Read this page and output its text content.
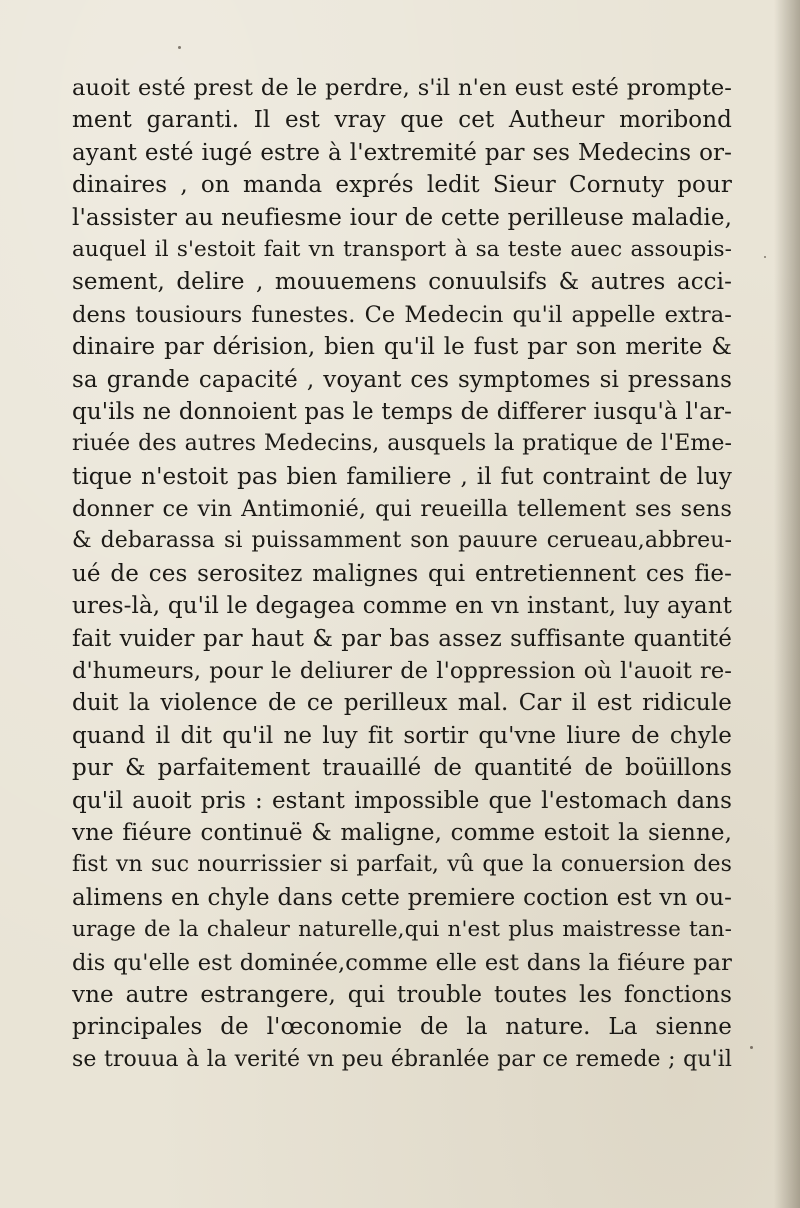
auoit esté prest de le perdre, s'il n'en eust esté prompte-
ment garanti. Il est vray que cet Autheur moribond
ayant esté iugé estre à l'extremité par ses Medecins or-
dinaires , on manda exprés ledit Sieur Cornuty pour
l'assister au neufiesme iour de cette perilleuse maladie,
auquel il s'estoit fait vn transport à sa teste auec assoupis-
sement, delire , mouuemens conuulsifs & autres acci-
dens tousiours funestes. Ce Medecin qu'il appelle extra-
dinaire par dérision, bien qu'il le fust par son merite &
sa grande capacité , voyant ces symptomes si pressans
qu'ils ne donnoient pas le temps de differer iusqu'à l'ar-
riuée des autres Medecins, ausquels la pratique de l'Eme-
tique n'estoit pas bien familiere , il fut contraint de luy
donner ce vin Antimonié, qui reueilla tellement ses sens
& debarassa si puissamment son pauure cerueau,abbreu-
ué de ces serositez malignes qui entretiennent ces fie-
ures-là, qu'il le degagea comme en vn instant, luy ayant
fait vuider par haut & par bas assez suffisante quantité
d'humeurs, pour le deliurer de l'oppression où l'auoit re-
duit la violence de ce perilleux mal. Car il est ridicule
quand il dit qu'il ne luy fit sortir qu'vne liure de chyle
pur & parfaitement trauaillé de quantité de boüillons
qu'il auoit pris : estant impossible que l'estomach dans
vne fiéure continuë & maligne, comme estoit la sienne,
fist vn suc nourrissier si parfait, vû que la conuersion des
alimens en chyle dans cette premiere coction est vn ou-
urage de la chaleur naturelle,qui n'est plus maistresse tan-
dis qu'elle est dominée,comme elle est dans la fiéure par
vne autre estrangere, qui trouble toutes les fonctions
principales de l'œconomie de la nature. La sienne
se trouua à la verité vn peu ébranlée par ce remede ; qu'il
